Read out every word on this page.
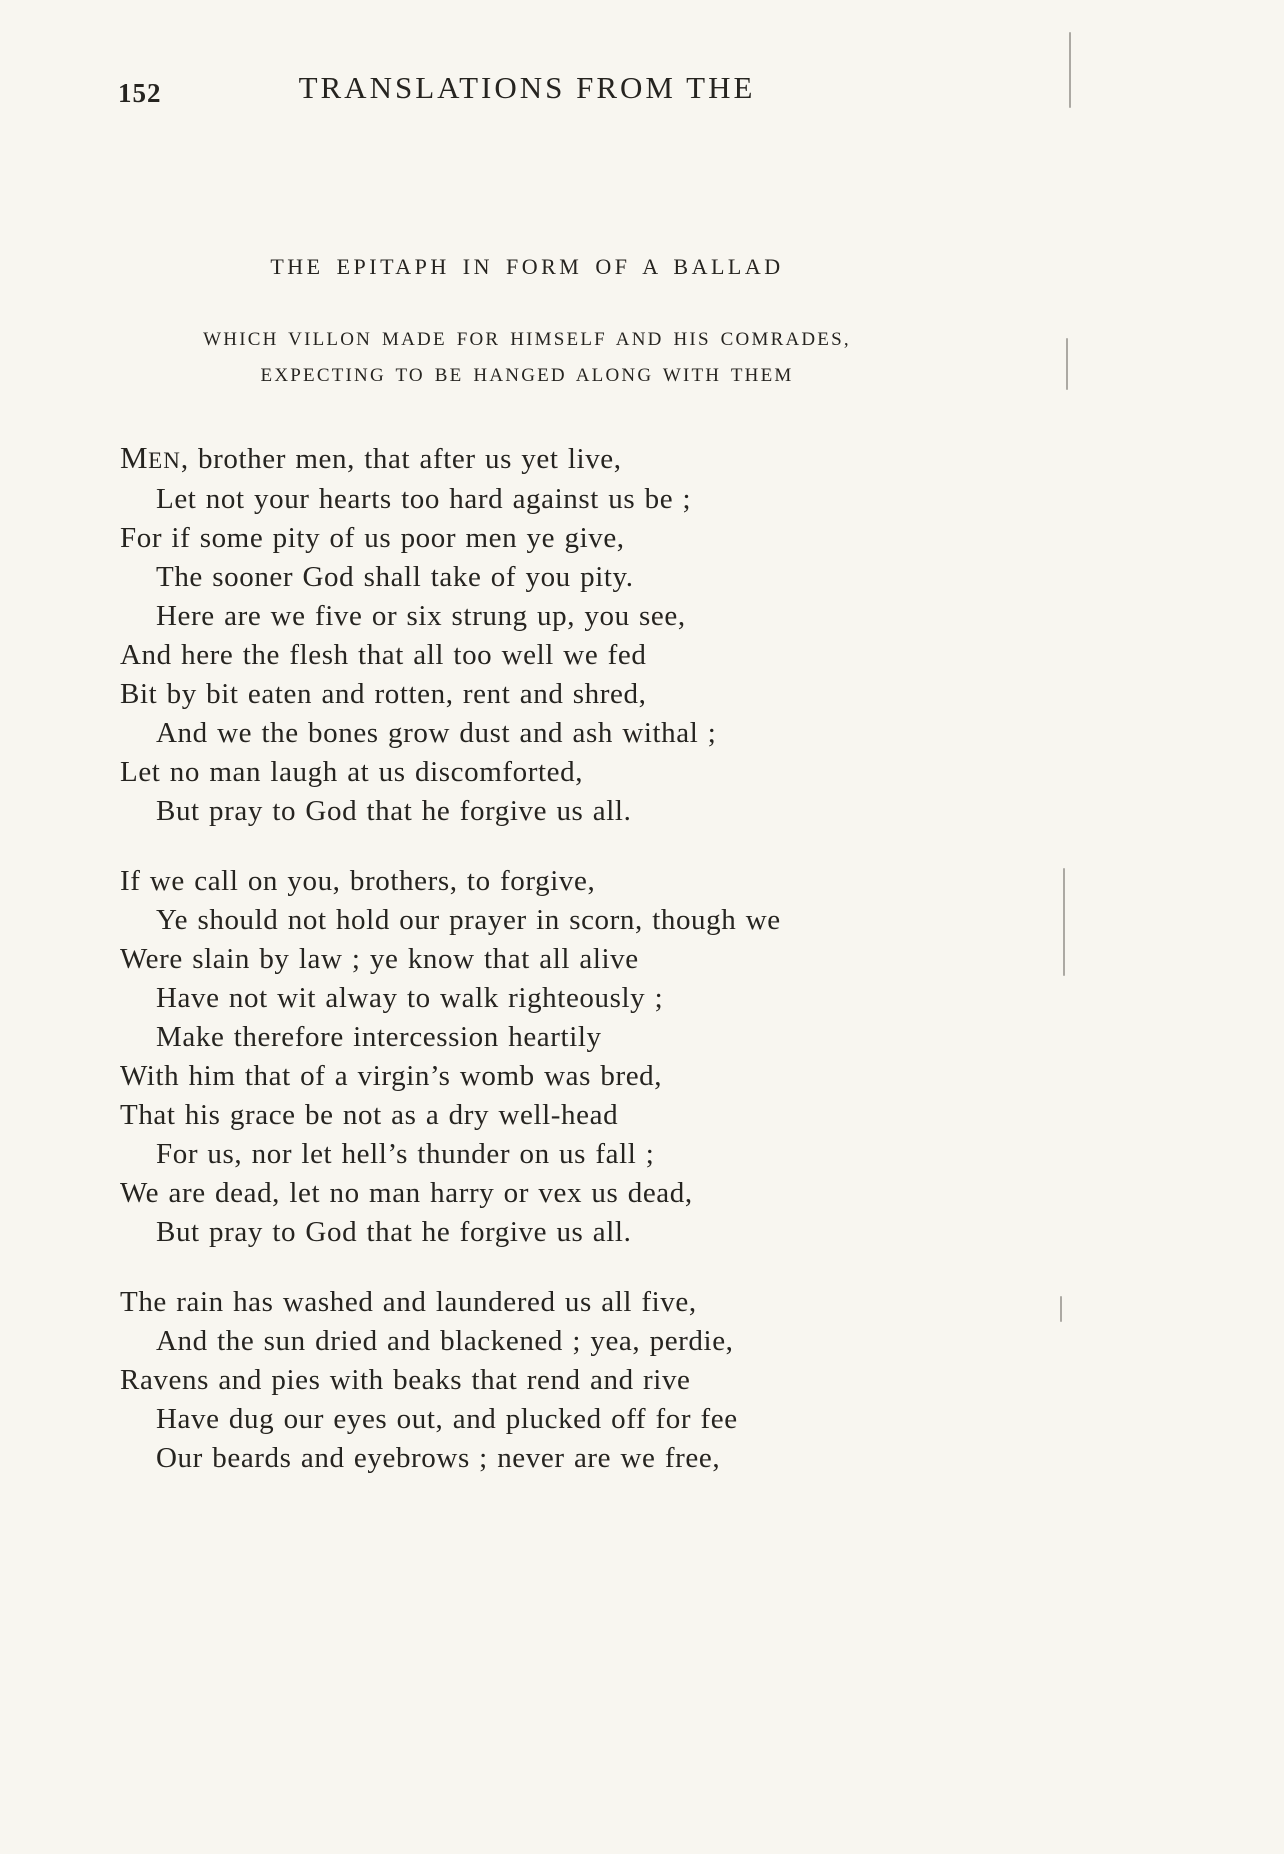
152	TRANSLATIONS FROM THE
THE EPITAPH IN FORM OF A BALLAD
WHICH VILLON MADE FOR HIMSELF AND HIS COMRADES,
EXPECTING TO BE HANGED ALONG WITH THEM
MEN, brother men, that after us yet live,
Let not your hearts too hard against us be ;
For if some pity of us poor men ye give,
The sooner God shall take of you pity.
Here are we five or six strung up, you see,
And here the flesh that all too well we fed
Bit by bit eaten and rotten, rent and shred,
And we the bones grow dust and ash withal ;
Let no man laugh at us discomforted,
But pray to God that he forgive us all.
If we call on you, brothers, to forgive,
Ye should not hold our prayer in scorn, though we
Were slain by law ; ye know that all alive
Have not wit alway to walk righteously ;
Make therefore intercession heartily
With him that of a virgin’s womb was bred,
That his grace be not as a dry well-head
For us, nor let hell’s thunder on us fall ;
We are dead, let no man harry or vex us dead,
But pray to God that he forgive us all.
The rain has washed and laundered us all five,
And the sun dried and blackened ; yea, perdie,
Ravens and pies with beaks that rend and rive
Have dug our eyes out, and plucked off for fee
Our beards and eyebrows ; never are we free,
